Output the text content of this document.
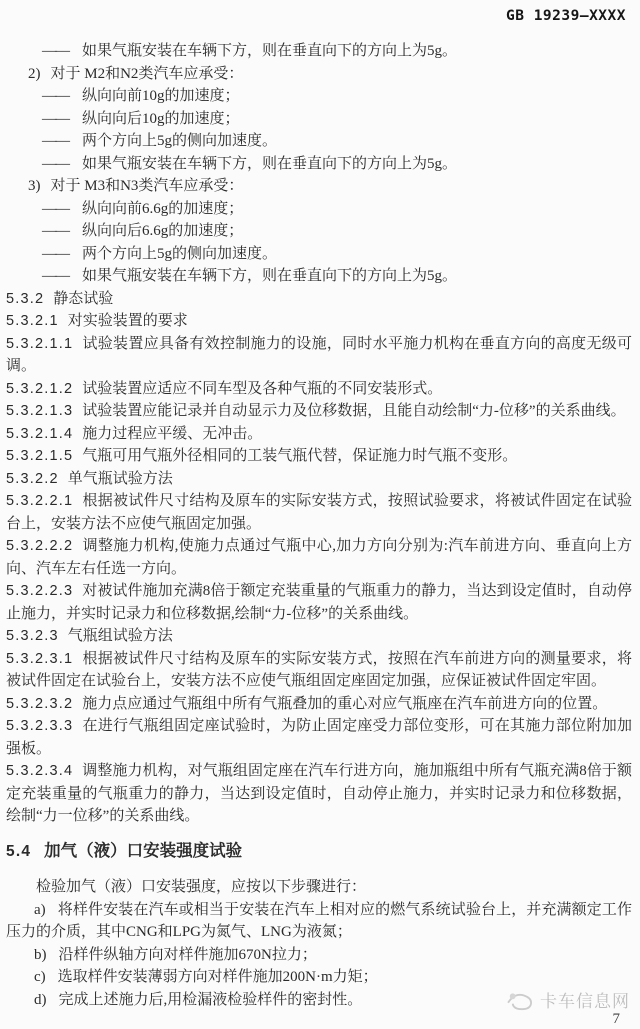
GB 19239—XXXX

—— 如果气瓶安装在车辆下方，则在垂直向下的方向上为5g。

2) 对于 M2和N2类汽车应承受：

—— 纵向向前10g的加速度；

—— 纵向向后10g的加速度；

—— 两个方向上5g的侧向加速度。

—— 如果气瓶安装在车辆下方，则在垂直向下的方向上为5g。

3) 对于 M3和N3类汽车应承受：

—— 纵向向前6.6g的加速度；

—— 纵向向后6.6g的加速度；

—— 两个方向上5g的侧向加速度。

—— 如果气瓶安装在车辆下方，则在垂直向下的方向上为5g。

5.3.2 静态试验

5.3.2.1 对实验装置的要求

5.3.2.1.1 试验装置应具备有效控制施力的设施，同时水平施力机构在垂直方向的高度无级可调。

5.3.2.1.2 试验装置应适应不同车型及各种气瓶的不同安装形式。

5.3.2.1.3 试验装置应能记录并自动显示力及位移数据，且能自动绘制“力-位移”的关系曲线。

5.3.2.1.4 施力过程应平缓、无冲击。

5.3.2.1.5 气瓶可用气瓶外径相同的工装气瓶代替，保证施力时气瓶不变形。

5.3.2.2 单气瓶试验方法

5.3.2.2.1 根据被试件尺寸结构及原车的实际安装方式，按照试验要求，将被试件固定在试验台上，安装方法不应使气瓶固定加强。

5.3.2.2.2 调整施力机构,使施力点通过气瓶中心,加力方向分别为:汽车前进方向、垂直向上方向、汽车左右任选一方向。

5.3.2.2.3 对被试件施加充满8倍于额定充装重量的气瓶重力的静力，当达到设定值时，自动停止施力，并实时记录力和位移数据,绘制“力-位移”的关系曲线。

5.3.2.3 气瓶组试验方法

5.3.2.3.1 根据被试件尺寸结构及原车的实际安装方式，按照在汽车前进方向的测量要求，将被试件固定在试验台上，安装方法不应使气瓶组固定座固定加强，应保证被试件固定牢固。

5.3.2.3.2 施力点应通过气瓶组中所有气瓶叠加的重心对应气瓶座在汽车前进方向的位置。

5.3.2.3.3 在进行气瓶组固定座试验时，为防止固定座受力部位变形，可在其施力部位附加加强板。

5.3.2.3.4 调整施力机构，对气瓶组固定座在汽车行进方向，施加瓶组中所有气瓶充满8倍于额定充装重量的气瓶重力的静力，当达到设定值时，自动停止施力，并实时记录力和位移数据，绘制“力一位移”的关系曲线。

5.4 加气（液）口安装强度试验

检验加气（液）口安装强度，应按以下步骤进行：

a) 将样件安装在汽车或相当于安装在汽车上相对应的燃气系统试验台上，并充满额定工作压力的介质，其中CNG和LPG为氮气、LNG为液氮；

b) 沿样件纵轴方向对样件施加670N拉力；

c) 选取样件安装薄弱方向对样件施加200N·m力矩；

d) 完成上述施力后,用检漏液检验样件的密封性。	卡车信息网
7
